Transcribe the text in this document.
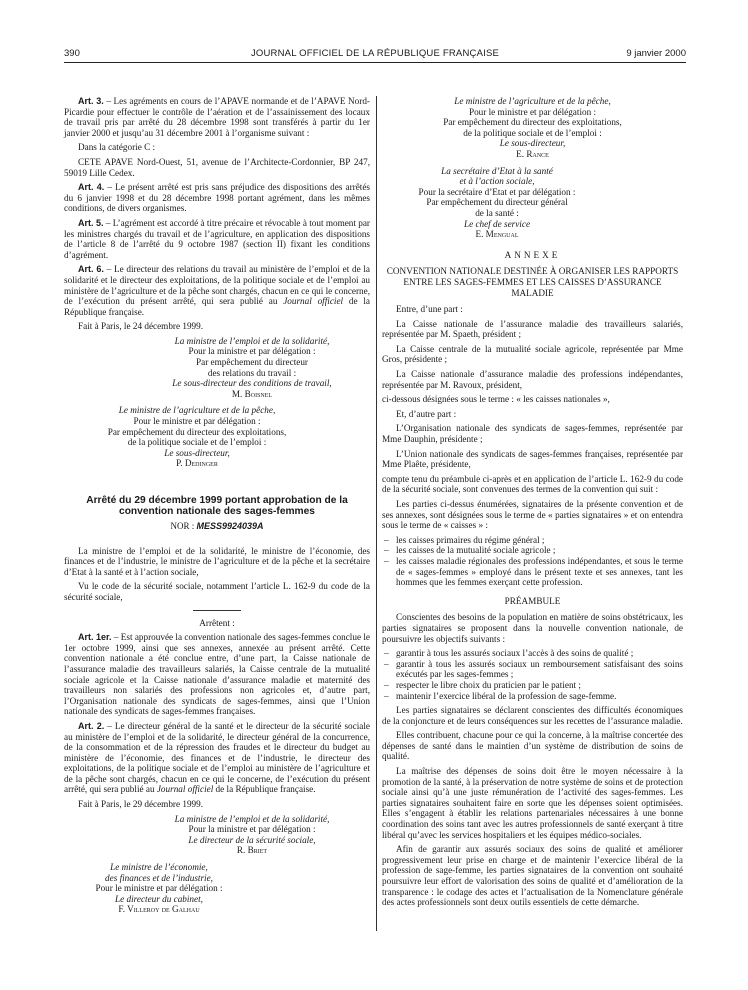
390	JOURNAL OFFICIEL DE LA RÉPUBLIQUE FRANÇAISE	9 janvier 2000

Art. 3. – Les agréments en cours de l’APAVE normande et de l’APAVE Nord-Picardie pour effectuer le contrôle de l’aération et de l’assainissement des locaux de travail pris par arrêté du 28 décembre 1998 sont transférés à partir du 1er janvier 2000 et jusqu’au 31 décembre 2001 à l’organisme suivant :

Dans la catégorie C :

CETE APAVE Nord-Ouest, 51, avenue de l’Architecte-Cordonnier, BP 247, 59019 Lille Cedex.

Art. 4. – Le présent arrêté est pris sans préjudice des dispositions des arrêtés du 6 janvier 1998 et du 28 décembre 1998 portant agrément, dans les mêmes conditions, de divers organismes.

Art. 5. – L’agrément est accordé à titre précaire et révocable à tout moment par les ministres chargés du travail et de l’agriculture, en application des dispositions de l’article 8 de l’arrêté du 9 octobre 1987 (section II) fixant les conditions d’agrément.

Art. 6. – Le directeur des relations du travail au ministère de l’emploi et de la solidarité et le directeur des exploitations, de la politique sociale et de l’emploi au ministère de l’agriculture et de la pêche sont chargés, chacun en ce qui le concerne, de l’exécution du présent arrêté, qui sera publié au Journal officiel de la République française.

Fait à Paris, le 24 décembre 1999.

La ministre de l’emploi et de la solidarité,

Pour la ministre et par délégation :

Par empêchement du directeur

des relations du travail :

Le sous-directeur des conditions de travail,

M. Boisnel

Le ministre de l’agriculture et de la pêche,

Pour le ministre et par délégation :

Par empêchement du directeur des exploitations,

de la politique sociale et de l’emploi :

Le sous-directeur,

P. Dedinger

Arrêté du 29 décembre 1999 portant approbation de la convention nationale des sages-femmes

NOR : MESS9924039A

La ministre de l’emploi et de la solidarité, le ministre de l’économie, des finances et de l’industrie, le ministre de l’agriculture et de la pêche et la secrétaire d’Etat à la santé et à l’action sociale,

Vu le code de la sécurité sociale, notamment l’article L. 162-9 du code de la sécurité sociale,

Arrêtent :

Art. 1er. – Est approuvée la convention nationale des sages-femmes conclue le 1er octobre 1999, ainsi que ses annexes, annexée au présent arrêté. Cette convention nationale a été conclue entre, d’une part, la Caisse nationale de l’assurance maladie des travailleurs salariés, la Caisse centrale de la mutualité sociale agricole et la Caisse nationale d’assurance maladie et maternité des travailleurs non salariés des professions non agricoles et, d’autre part, l’Organisation nationale des syndicats de sages-femmes, ainsi que l’Union nationale des syndicats de sages-femmes françaises.

Art. 2. – Le directeur général de la santé et le directeur de la sécurité sociale au ministère de l’emploi et de la solidarité, le directeur général de la concurrence, de la consommation et de la répression des fraudes et le directeur du budget au ministère de l’économie, des finances et de l’industrie, le directeur des exploitations, de la politique sociale et de l’emploi au ministère de l’agriculture et de la pêche sont chargés, chacun en ce qui le concerne, de l’exécution du présent arrêté, qui sera publié au Journal officiel de la République française.

Fait à Paris, le 29 décembre 1999.

La ministre de l’emploi et de la solidarité,

Pour la ministre et par délégation :

Le directeur de la sécurité sociale,

R. Briet

Le ministre de l’économie,

des finances et de l’industrie,

Pour le ministre et par délégation :

Le directeur du cabinet,

F. Villeroy de Galhau

Le ministre de l’agriculture et de la pêche,

Pour le ministre et par délégation :

Par empêchement du directeur des exploitations,

de la politique sociale et de l’emploi :

Le sous-directeur,

E. Rance

La secrétaire d’Etat à la santé

et à l’action sociale,

Pour la secrétaire d’Etat et par délégation :

Par empêchement du directeur général

de la santé :

Le chef de service

E. Mengual

ANNEXE

CONVENTION NATIONALE DESTINÉE À ORGANISER LES RAPPORTS ENTRE LES SAGES-FEMMES ET LES CAISSES D’ASSURANCE MALADIE

Entre, d’une part :

La Caisse nationale de l’assurance maladie des travailleurs salariés, représentée par M. Spaeth, président ;

La Caisse centrale de la mutualité sociale agricole, représentée par Mme Gros, présidente ;

La Caisse nationale d’assurance maladie des professions indépendantes, représentée par M. Ravoux, président,

ci-dessous désignées sous le terme : « les caisses nationales »,

Et, d’autre part :

L’Organisation nationale des syndicats de sages-femmes, représentée par Mme Dauphin, présidente ;

L’Union nationale des syndicats de sages-femmes françaises, représentée par Mme Plaête, présidente,

compte tenu du préambule ci-après et en application de l’article L. 162-9 du code de la sécurité sociale, sont convenues des termes de la convention qui suit :

Les parties ci-dessus énumérées, signataires de la présente convention et de ses annexes, sont désignées sous le terme de « parties signataires » et on entendra sous le terme de « caisses » :

– les caisses primaires du régime général ;
– les caisses de la mutualité sociale agricole ;
– les caisses maladie régionales des professions indépendantes, et sous le terme de « sages-femmes » employé dans le présent texte et ses annexes, tant les hommes que les femmes exerçant cette profession.

PRÉAMBULE

Conscientes des besoins de la population en matière de soins obstétricaux, les parties signataires se proposent dans la nouvelle convention nationale, de poursuivre les objectifs suivants :

– garantir à tous les assurés sociaux l’accès à des soins de qualité ;
– garantir à tous les assurés sociaux un remboursement satisfaisant des soins exécutés par les sages-femmes ;
– respecter le libre choix du praticien par le patient ;
– maintenir l’exercice libéral de la profession de sage-femme.

Les parties signataires se déclarent conscientes des difficultés économiques de la conjoncture et de leurs conséquences sur les recettes de l’assurance maladie.

Elles contribuent, chacune pour ce qui la concerne, à la maîtrise concertée des dépenses de santé dans le maintien d’un système de distribution de soins de qualité.

La maîtrise des dépenses de soins doit être le moyen nécessaire à la promotion de la santé, à la préservation de notre système de soins et de protection sociale ainsi qu’à une juste rémunération de l’activité des sages-femmes. Les parties signataires souhaitent faire en sorte que les dépenses soient optimisées. Elles s’engagent à établir les relations partenariales nécessaires à une bonne coordination des soins tant avec les autres professionnels de santé exerçant à titre libéral qu’avec les services hospitaliers et les équipes médico-sociales.

Afin de garantir aux assurés sociaux des soins de qualité et améliorer progressivement leur prise en charge et de maintenir l’exercice libéral de la profession de sage-femme, les parties signataires de la convention ont souhaité poursuivre leur effort de valorisation des soins de qualité et d’amélioration de la transparence : le codage des actes et l’actualisation de la Nomenclature générale des actes professionnels sont deux outils essentiels de cette démarche.
